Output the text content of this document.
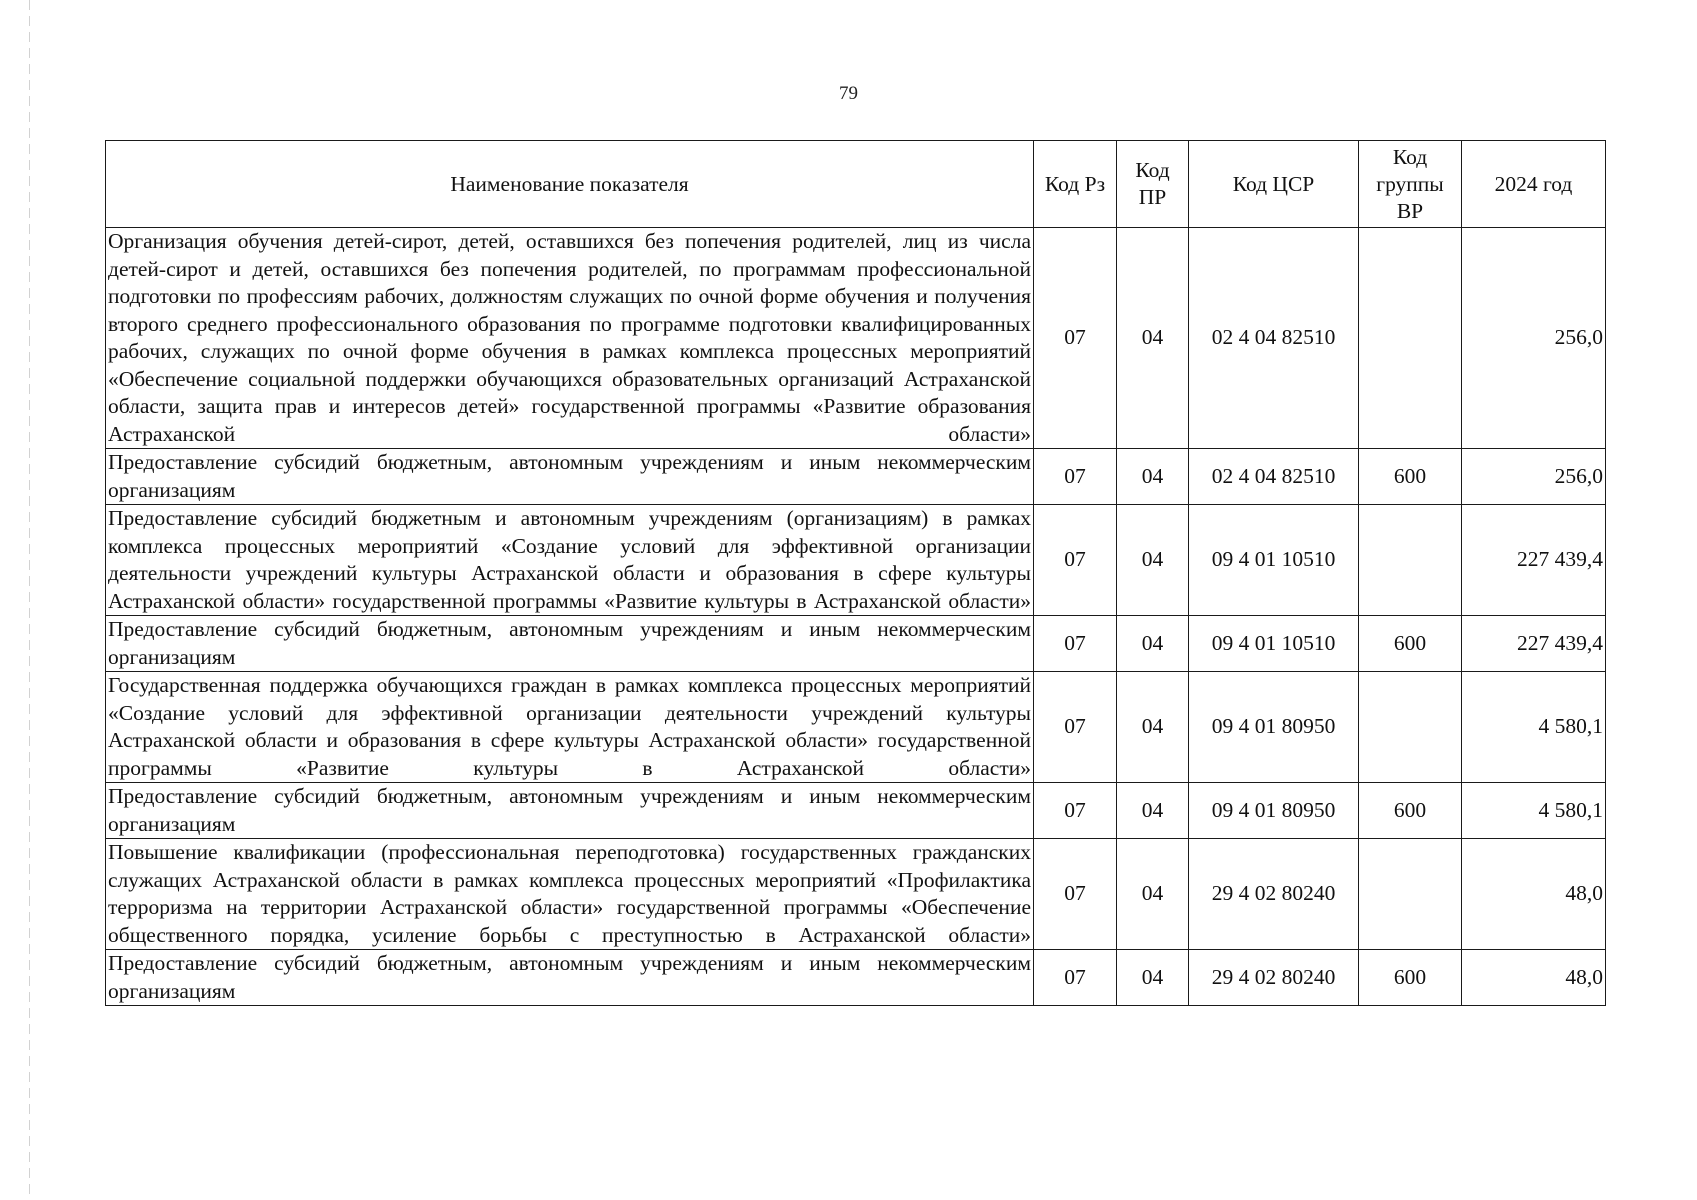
79
Наименование показателя	Код Рз	Код ПР	Код ЦСР	Код группы ВР	2024 год
Организация обучения детей-сирот, детей, оставшихся без попечения родителей, лиц из числа детей-сирот и детей, оставшихся без попечения родителей, по программам профессиональной подготовки по профессиям рабочих, должностям служащих по очной форме обучения и получения второго среднего профессионального образования по программе подготовки квалифицированных рабочих, служащих по очной форме обучения в рамках комплекса процессных мероприятий «Обеспечение социальной поддержки обучающихся образовательных организаций Астраханской области, защита прав и интересов детей» государственной программы «Развитие образования Астраханской области»	07	04	02 4 04 82510		256,0
Предоставление субсидий бюджетным, автономным учреждениям и иным некоммерческим организациям	07	04	02 4 04 82510	600	256,0
Предоставление субсидий бюджетным и автономным учреждениям (организациям) в рамках комплекса процессных мероприятий «Создание условий для эффективной организации деятельности учреждений культуры Астраханской области и образования в сфере культуры Астраханской области» государственной программы «Развитие культуры в Астраханской области»	07	04	09 4 01 10510		227 439,4
Предоставление субсидий бюджетным, автономным учреждениям и иным некоммерческим организациям	07	04	09 4 01 10510	600	227 439,4
Государственная поддержка обучающихся граждан в рамках комплекса процессных мероприятий «Создание условий для эффективной организации деятельности учреждений культуры Астраханской области и образования в сфере культуры Астраханской области» государственной программы «Развитие культуры в Астраханской области»	07	04	09 4 01 80950		4 580,1
Предоставление субсидий бюджетным, автономным учреждениям и иным некоммерческим организациям	07	04	09 4 01 80950	600	4 580,1
Повышение квалификации (профессиональная переподготовка) государственных гражданских служащих Астраханской области в рамках комплекса процессных мероприятий «Профилактика терроризма на территории Астраханской области» государственной программы «Обеспечение общественного порядка, усиление борьбы с преступностью в Астраханской области»	07	04	29 4 02 80240		48,0
Предоставление субсидий бюджетным, автономным учреждениям и иным некоммерческим организациям	07	04	29 4 02 80240	600	48,0
